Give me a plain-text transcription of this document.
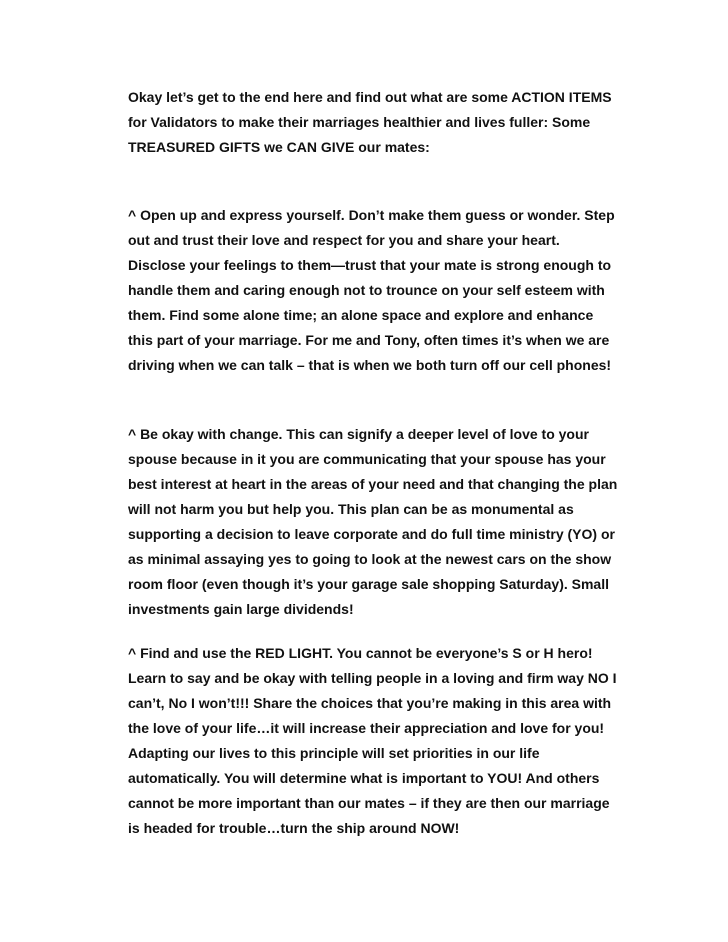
Okay let’s get to the end here and find out what are some ACTION ITEMS
for Validators to make their marriages healthier and lives fuller: Some
TREASURED GIFTS we CAN GIVE our mates:
^ Open up and express yourself. Don’t make them guess or wonder. Step
out and trust their love and respect for you and share your heart.
Disclose your feelings to them—trust that your mate is strong enough to
handle them and caring enough not to trounce on your self esteem with
them. Find some alone time; an alone space and explore and enhance
this part of your marriage. For me and Tony, often times it’s when we are
driving when we can talk – that is when we both turn off our cell phones!
^ Be okay with change. This can signify a deeper level of love to your
spouse because in it you are communicating that your spouse has your
best interest at heart in the areas of your need and that changing the plan
will not harm you but help you. This plan can be as monumental as
supporting a decision to leave corporate and do full time ministry (YO) or
as minimal assaying yes to going to look at the newest cars on the show
room floor (even though it’s your garage sale shopping Saturday). Small
investments gain large dividends!
^ Find and use the RED LIGHT. You cannot be everyone’s S or H hero!
Learn to say and be okay with telling people in a loving and firm way NO I
can’t, No I won’t!!! Share the choices that you’re making in this area with
the love of your life…it will increase their appreciation and love for you!
Adapting our lives to this principle will set priorities in our life
automatically. You will determine what is important to YOU! And others
cannot be more important than our mates – if they are then our marriage
is headed for trouble…turn the ship around NOW!
